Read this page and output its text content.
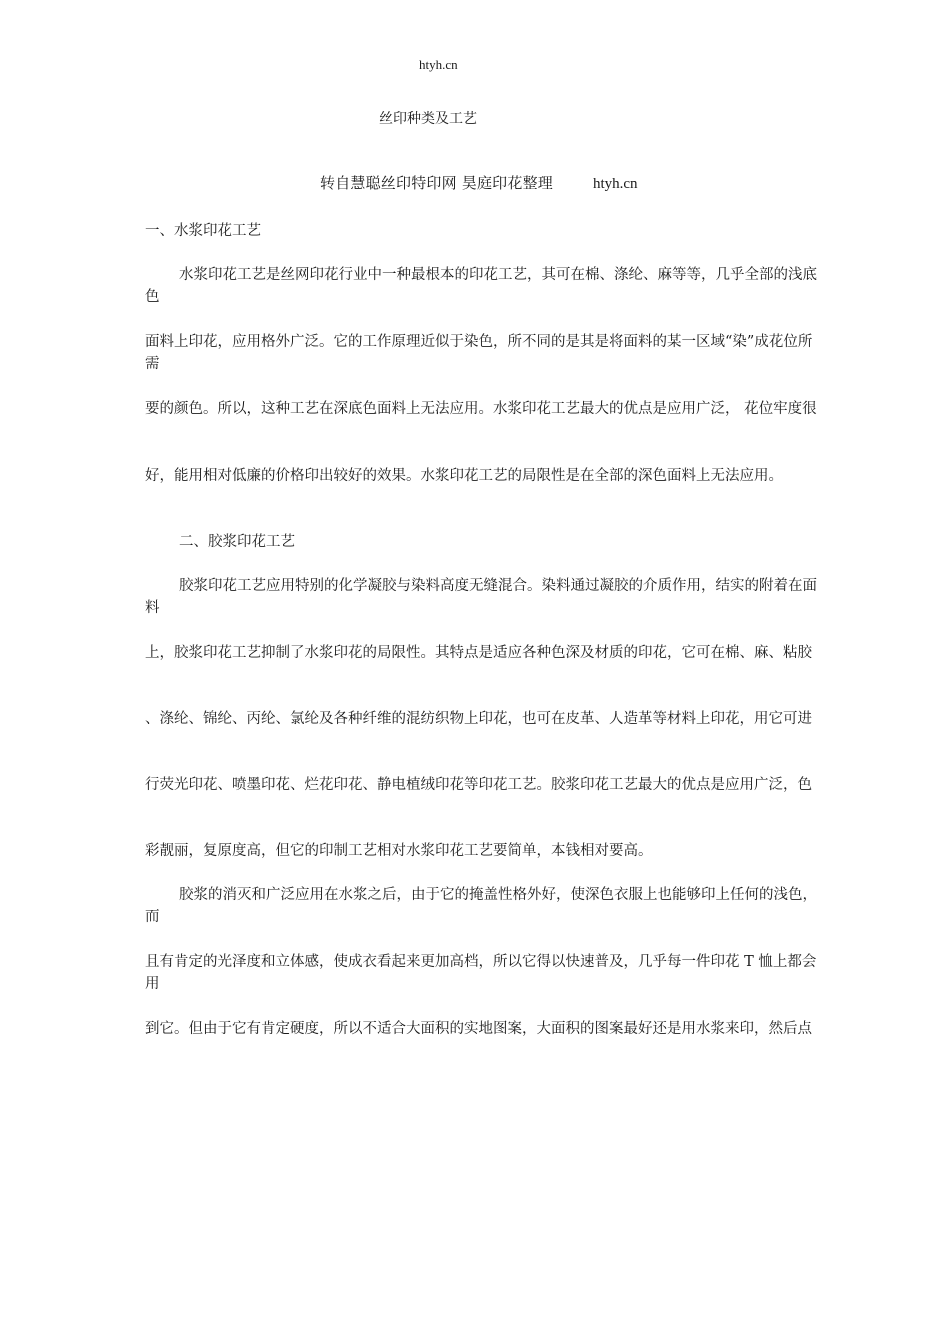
htyh.cn
丝印种类及工艺
转自慧聪丝印特印网 昊庭印花整理	htyh.cn

一、水浆印花工艺

水浆印花工艺是丝网印花行业中一种最根本的印花工艺，其可在棉、涤纶、麻等等，几乎全部的浅底色

面料上印花，应用格外广泛。它的工作原理近似于染色，所不同的是其是将面料的某一区域“染”成花位所需

要的颜色。所以，这种工艺在深底色面料上无法应用。水浆印花工艺最大的优点是应用广泛， 花位牢度很

好，能用相对低廉的价格印出较好的效果。水浆印花工艺的局限性是在全部的深色面料上无法应用。

二、胶浆印花工艺

胶浆印花工艺应用特别的化学凝胶与染料高度无缝混合。染料通过凝胶的介质作用，结实的附着在面料

上，胶浆印花工艺抑制了水浆印花的局限性。其特点是适应各种色深及材质的印花，它可在棉、麻、粘胶

、涤纶、锦纶、丙纶、氯纶及各种纤维的混纺织物上印花，也可在皮革、人造革等材料上印花，用它可进

行荧光印花、喷墨印花、烂花印花、静电植绒印花等印花工艺。胶浆印花工艺最大的优点是应用广泛，色

彩靓丽，复原度高，但它的印制工艺相对水浆印花工艺要简单，本钱相对要高。

胶浆的消灭和广泛应用在水浆之后，由于它的掩盖性格外好，使深色衣服上也能够印上任何的浅色，而

且有肯定的光泽度和立体感，使成衣看起来更加高档，所以它得以快速普及，几乎每一件印花 T 恤上都会用

到它。但由于它有肯定硬度，所以不适合大面积的实地图案，大面积的图案最好还是用水浆来印，然后点
